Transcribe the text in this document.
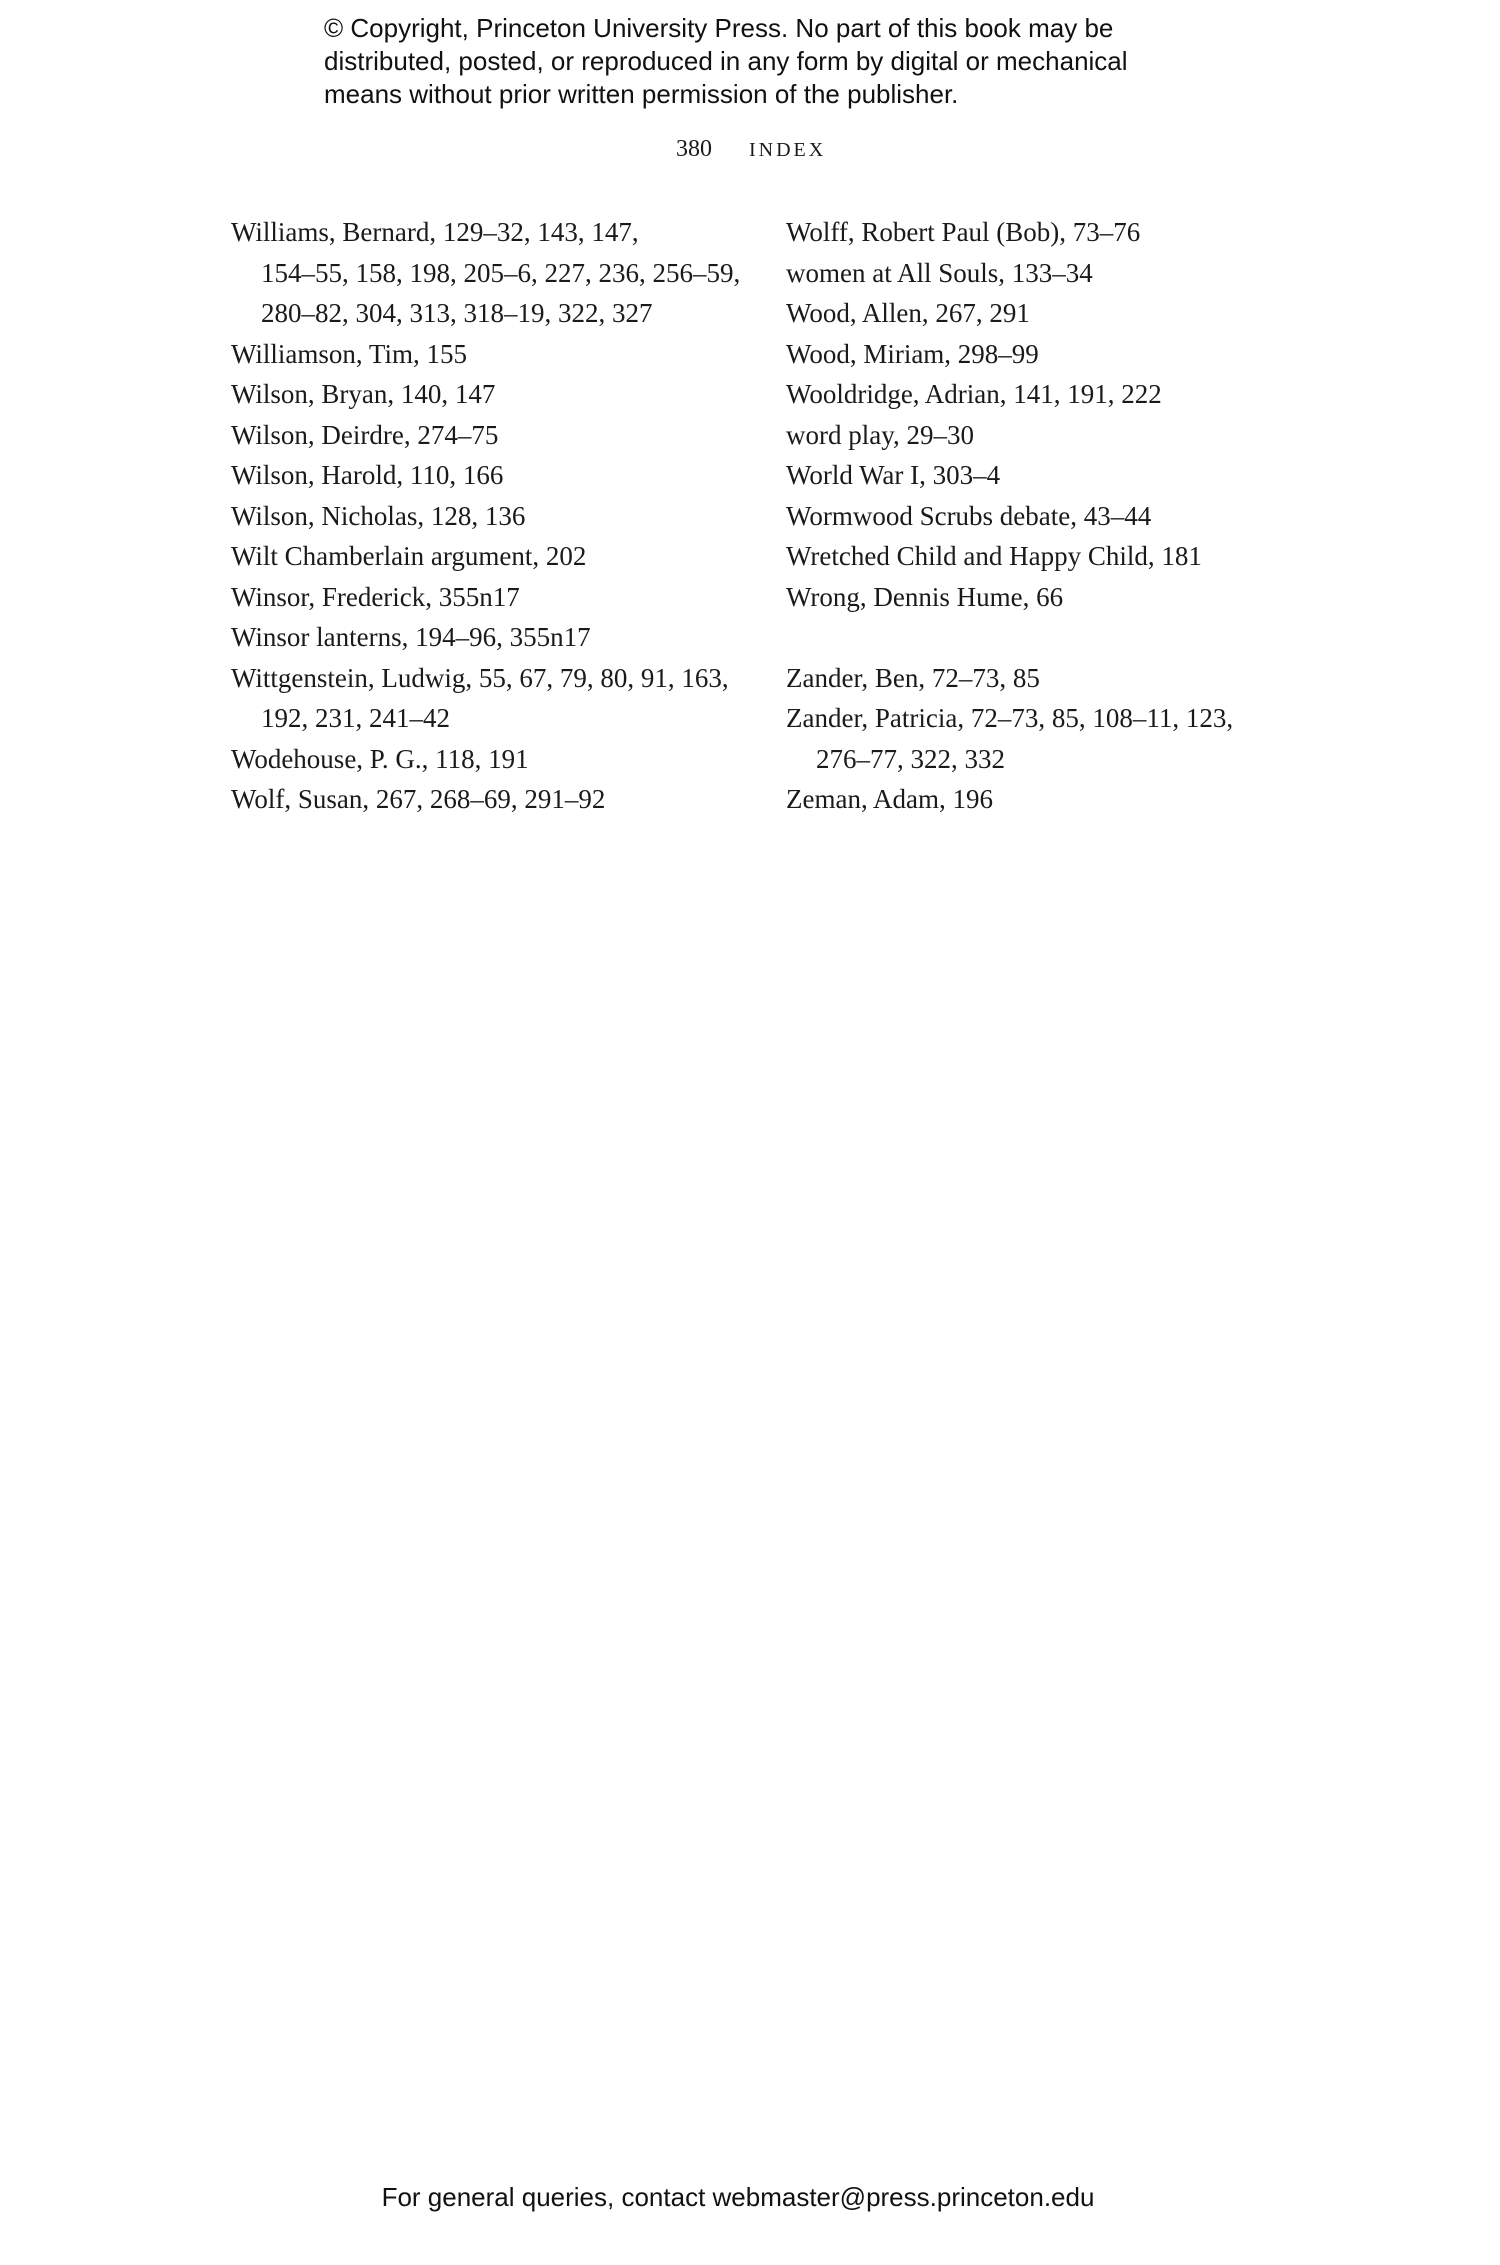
© Copyright, Princeton University Press. No part of this book may be
distributed, posted, or reproduced in any form by digital or mechanical
means without prior written permission of the publisher.
380 INDEX
Williams, Bernard, 129–32, 143, 147,
154–55, 158, 198, 205–6, 227, 236, 256–59,
280–82, 304, 313, 318–19, 322, 327
Williamson, Tim, 155
Wilson, Bryan, 140, 147
Wilson, Deirdre, 274–75
Wilson, Harold, 110, 166
Wilson, Nicholas, 128, 136
Wilt Chamberlain argument, 202
Winsor, Frederick, 355n17
Winsor lanterns, 194–96, 355n17
Wittgenstein, Ludwig, 55, 67, 79, 80, 91, 163,
192, 231, 241–42
Wodehouse, P. G., 118, 191
Wolf, Susan, 267, 268–69, 291–92
Wolff, Robert Paul (Bob), 73–76
women at All Souls, 133–34
Wood, Allen, 267, 291
Wood, Miriam, 298–99
Wooldridge, Adrian, 141, 191, 222
word play, 29–30
World War I, 303–4
Wormwood Scrubs debate, 43–44
Wretched Child and Happy Child, 181
Wrong, Dennis Hume, 66
Zander, Ben, 72–73, 85
Zander, Patricia, 72–73, 85, 108–11, 123,
276–77, 322, 332
Zeman, Adam, 196
For general queries, contact webmaster@press.princeton.edu
